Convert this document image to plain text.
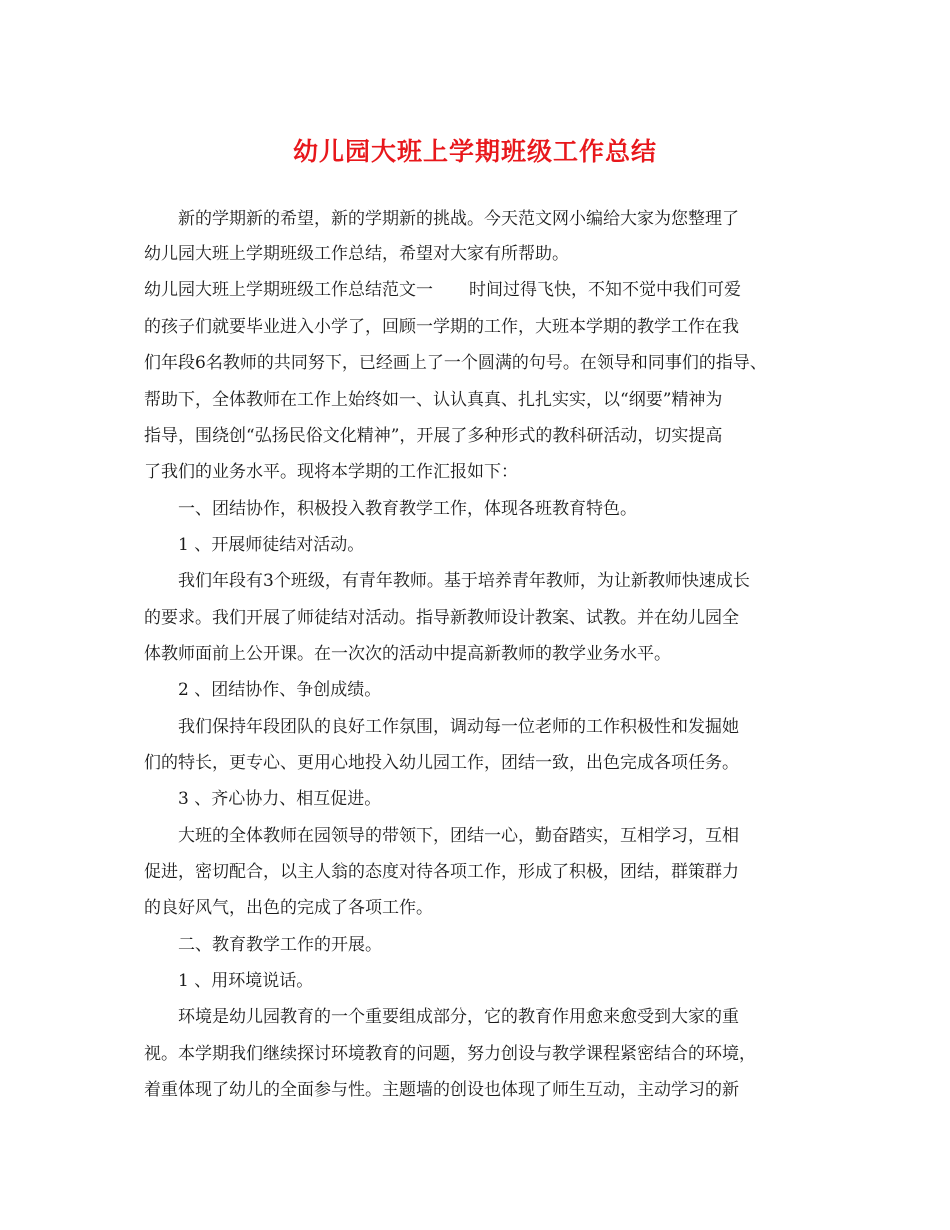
幼儿园大班上学期班级工作总结
新的学期新的希望，新的学期新的挑战。今天范文网小编给大家为您整理了
幼儿园大班上学期班级工作总结，希望对大家有所帮助。
幼儿园大班上学期班级工作总结范文一 时间过得飞快，不知不觉中我们可爱
的孩子们就要毕业进入小学了，回顾一学期的工作，大班本学期的教学工作在我
们年段6名教师的共同努下，已经画上了一个圆满的句号。在领导和同事们的指导、
帮助下，全体教师在工作上始终如一、认认真真、扎扎实实，以“纲要”精神为
指导，围绕创“弘扬民俗文化精神”，开展了多种形式的教科研活动，切实提高
了我们的业务水平。现将本学期的工作汇报如下：
一、团结协作，积极投入教育教学工作，体现各班教育特色。
1 、开展师徒结对活动。
我们年段有3个班级，有青年教师。基于培养青年教师，为让新教师快速成长
的要求。我们开展了师徒结对活动。指导新教师设计教案、试教。并在幼儿园全
体教师面前上公开课。在一次次的活动中提高新教师的教学业务水平。
2 、团结协作、争创成绩。
我们保持年段团队的良好工作氛围，调动每一位老师的工作积极性和发掘她
们的特长，更专心、更用心地投入幼儿园工作，团结一致，出色完成各项任务。
3 、齐心协力、相互促进。
大班的全体教师在园领导的带领下，团结一心，勤奋踏实，互相学习，互相
促进，密切配合，以主人翁的态度对待各项工作，形成了积极，团结，群策群力
的良好风气，出色的完成了各项工作。
二、教育教学工作的开展。
1 、用环境说话。
环境是幼儿园教育的一个重要组成部分，它的教育作用愈来愈受到大家的重
视。本学期我们继续探讨环境教育的问题，努力创设与教学课程紧密结合的环境，
着重体现了幼儿的全面参与性。主题墙的创设也体现了师生互动，主动学习的新
